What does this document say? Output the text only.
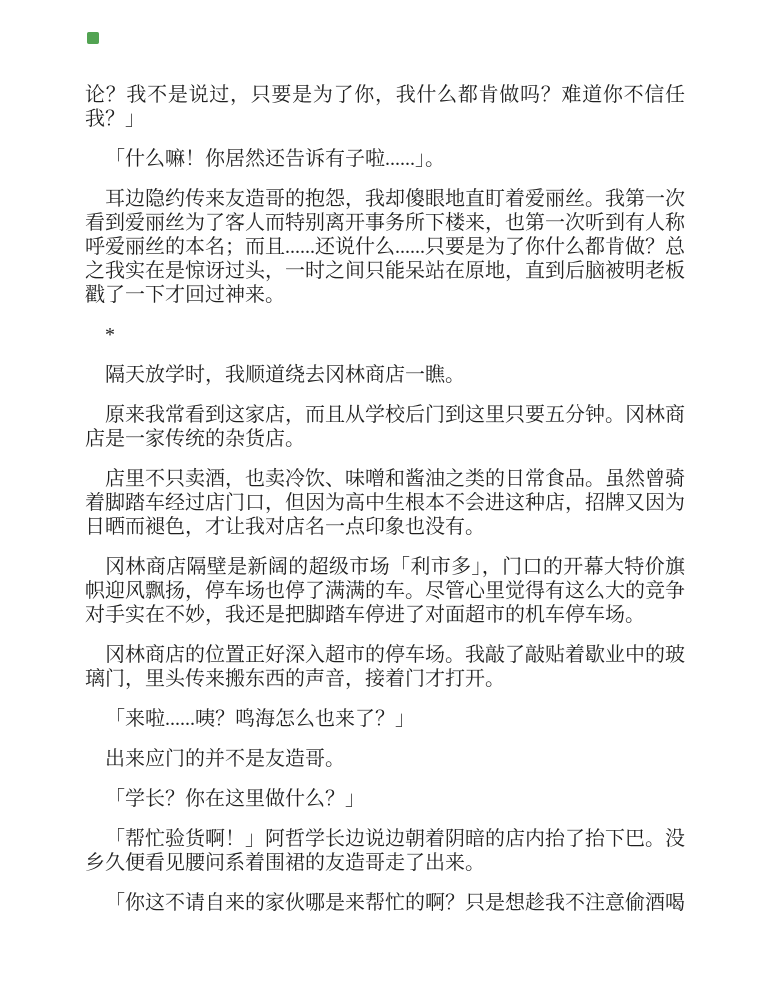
论？我不是说过，只要是为了你，我什么都肯做吗？难道你不信任我？」

「什么嘛！你居然还告诉有子啦......」。

耳边隐约传来友造哥的抱怨，我却傻眼地直盯着爱丽丝。我第一次看到爱丽丝为了客人而特别离开事务所下楼来，也第一次听到有人称呼爱丽丝的本名；而且......还说什么......只要是为了你什么都肯做？总之我实在是惊讶过头，一时之间只能呆站在原地，直到后脑被明老板戳了一下才回过神来。

*

隔天放学时，我顺道绕去冈林商店一瞧。

原来我常看到这家店，而且从学校后门到这里只要五分钟。冈林商店是一家传统的杂货店。

店里不只卖酒，也卖冷饮、味噌和酱油之类的日常食品。虽然曾骑着脚踏车经过店门口，但因为高中生根本不会进这种店，招牌又因为日晒而褪色，才让我对店名一点印象也没有。

冈林商店隔壁是新阔的超级市场「利市多」，门口的开幕大特价旗帜迎风飘扬，停车场也停了满满的车。尽管心里觉得有这么大的竞争对手实在不妙，我还是把脚踏车停进了对面超市的机车停车场。

冈林商店的位置正好深入超市的停车场。我敲了敲贴着歇业中的玻璃门，里头传来搬东西的声音，接着门才打开。

「来啦......咦？鸣海怎么也来了？」

出来应门的并不是友造哥。

「学长？你在这里做什么？」

「帮忙验货啊！」阿哲学长边说边朝着阴暗的店内抬了抬下巴。没乡久便看见腰问系着围裙的友造哥走了出来。

「你这不请自来的家伙哪是来帮忙的啊？只是想趁我不注意偷酒喝
